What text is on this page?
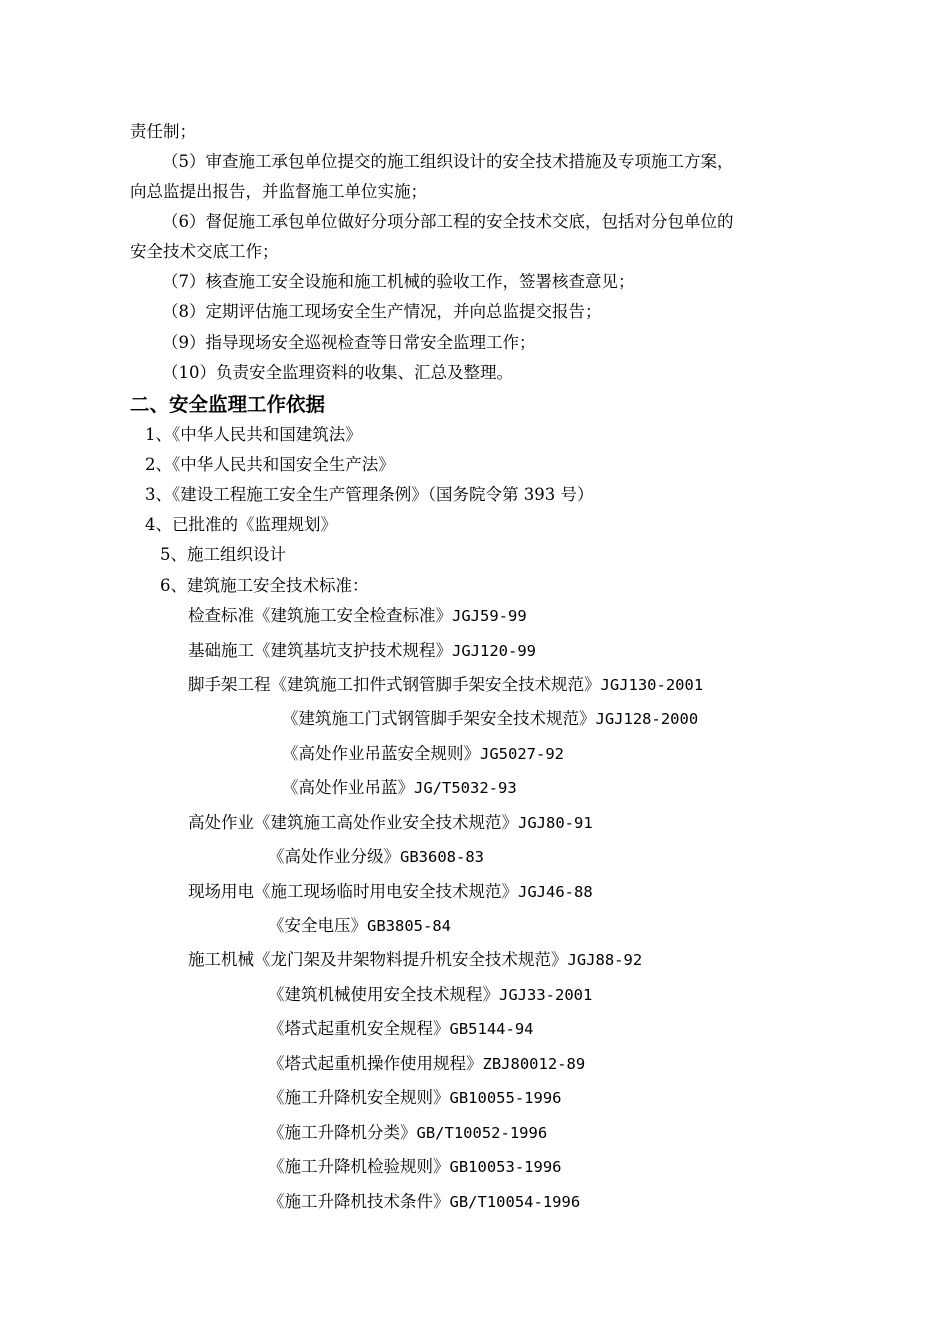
责任制；
（5）审查施工承包单位提交的施工组织设计的安全技术措施及专项施工方案，
向总监提出报告，并监督施工单位实施；
（6）督促施工承包单位做好分项分部工程的安全技术交底，包括对分包单位的
安全技术交底工作；
（7）核查施工安全设施和施工机械的验收工作，签署核查意见；
（8）定期评估施工现场安全生产情况，并向总监提交报告；
（9）指导现场安全巡视检查等日常安全监理工作；
（10）负责安全监理资料的收集、汇总及整理。
二、安全监理工作依据
1、《中华人民共和国建筑法》
2、《中华人民共和国安全生产法》
3、《建设工程施工安全生产管理条例》（国务院令第 393 号）
4、已批准的《监理规划》
5、施工组织设计
6、建筑施工安全技术标准：
检查标准《建筑施工安全检查标准》JGJ59-99
基础施工《建筑基坑支护技术规程》JGJ120-99
脚手架工程《建筑施工扣件式钢管脚手架安全技术规范》JGJ130-2001
《建筑施工门式钢管脚手架安全技术规范》JGJ128-2000
《高处作业吊蓝安全规则》JG5027-92
《高处作业吊蓝》JG/T5032-93
高处作业《建筑施工高处作业安全技术规范》JGJ80-91
《高处作业分级》GB3608-83
现场用电《施工现场临时用电安全技术规范》JGJ46-88
《安全电压》GB3805-84
施工机械《龙门架及井架物料提升机安全技术规范》JGJ88-92
《建筑机械使用安全技术规程》JGJ33-2001
《塔式起重机安全规程》GB5144-94
《塔式起重机操作使用规程》ZBJ80012-89
《施工升降机安全规则》GB10055-1996
《施工升降机分类》GB/T10052-1996
《施工升降机检验规则》GB10053-1996
《施工升降机技术条件》GB/T10054-1996
